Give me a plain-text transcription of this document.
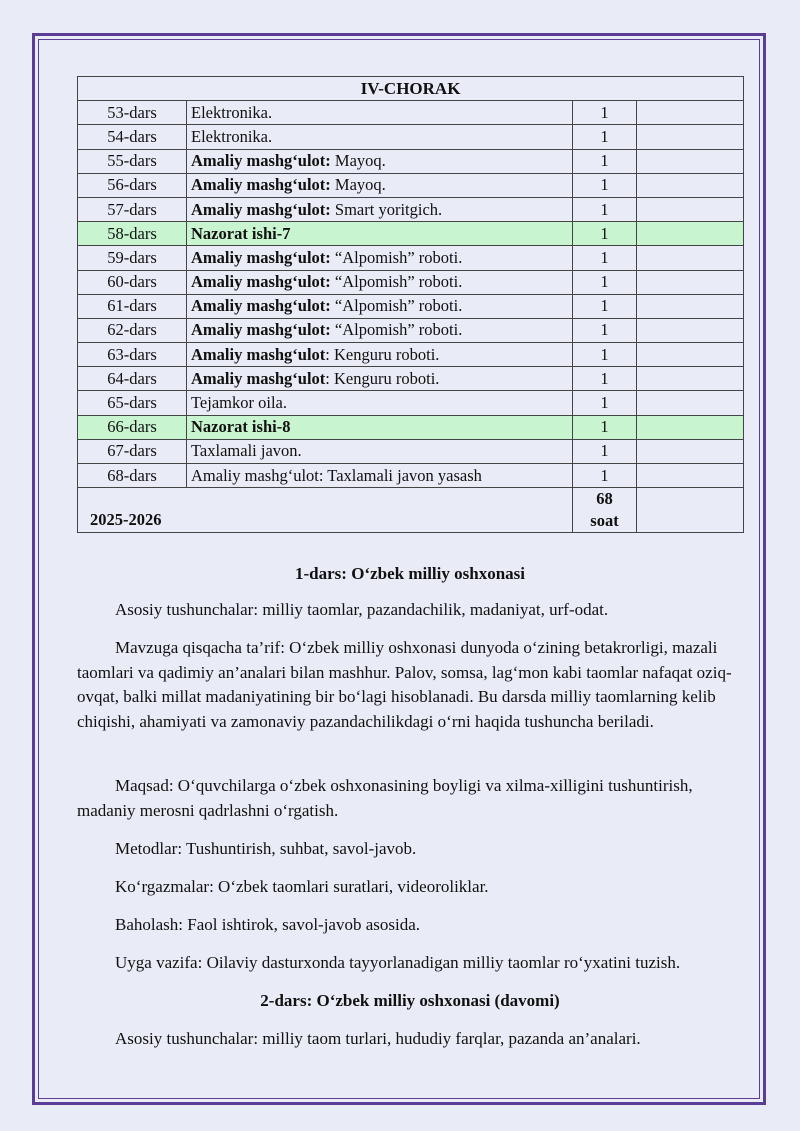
IV-CHORAK			
53-dars	Elektronika.	1	
54-dars	Elektronika.	1	
55-dars	Amaliy mashg‘ulot: Mayoq.	1	
56-dars	Amaliy mashg‘ulot: Mayoq.	1	
57-dars	Amaliy mashg‘ulot: Smart yoritgich.	1	
58-dars	Nazorat ishi-7	1	
59-dars	Amaliy mashg‘ulot: “Alpomish” roboti.	1	
60-dars	Amaliy mashg‘ulot: “Alpomish” roboti.	1	
61-dars	Amaliy mashg‘ulot: “Alpomish” roboti.	1	
62-dars	Amaliy mashg‘ulot: “Alpomish” roboti.	1	
63-dars	Amaliy mashg‘ulot: Kenguru roboti.	1	
64-dars	Amaliy mashg‘ulot: Kenguru roboti.	1	
65-dars	Tejamkor oila.	1	
66-dars	Nazorat ishi-8	1	
67-dars	Taxlamali javon.	1	
68-dars	Amaliy mashg‘ulot: Taxlamali javon yasash	1	
2025-2026		68
soat	

1-dars: O‘zbek milliy oshxonasi
Asosiy tushunchalar: milliy taomlar, pazandachilik, madaniyat, urf-odat.
Mavzuga qisqacha ta’rif: O‘zbek milliy oshxonasi dunyoda o‘zining betakrorligi, mazali taomlari va qadimiy an’analari bilan mashhur. Palov, somsa, lag‘mon kabi taomlar nafaqat oziq-ovqat, balki millat madaniyatining bir bo‘lagi hisoblanadi. Bu darsda milliy taomlarning kelib chiqishi, ahamiyati va zamonaviy pazandachilikdagi o‘rni haqida tushuncha beriladi.
Maqsad: O‘quvchilarga o‘zbek oshxonasining boyligi va xilma-xilligini tushuntirish, madaniy merosni qadrlashni o‘rgatish.
Metodlar: Tushuntirish, suhbat, savol-javob.
Ko‘rgazmalar: O‘zbek taomlari suratlari, videoroliklar.
Baholash: Faol ishtirok, savol-javob asosida.
Uyga vazifa: Oilaviy dasturxonda tayyorlanadigan milliy taomlar ro‘yxatini tuzish.
2-dars: O‘zbek milliy oshxonasi (davomi)
Asosiy tushunchalar: milliy taom turlari, hududiy farqlar, pazanda an’analari.
